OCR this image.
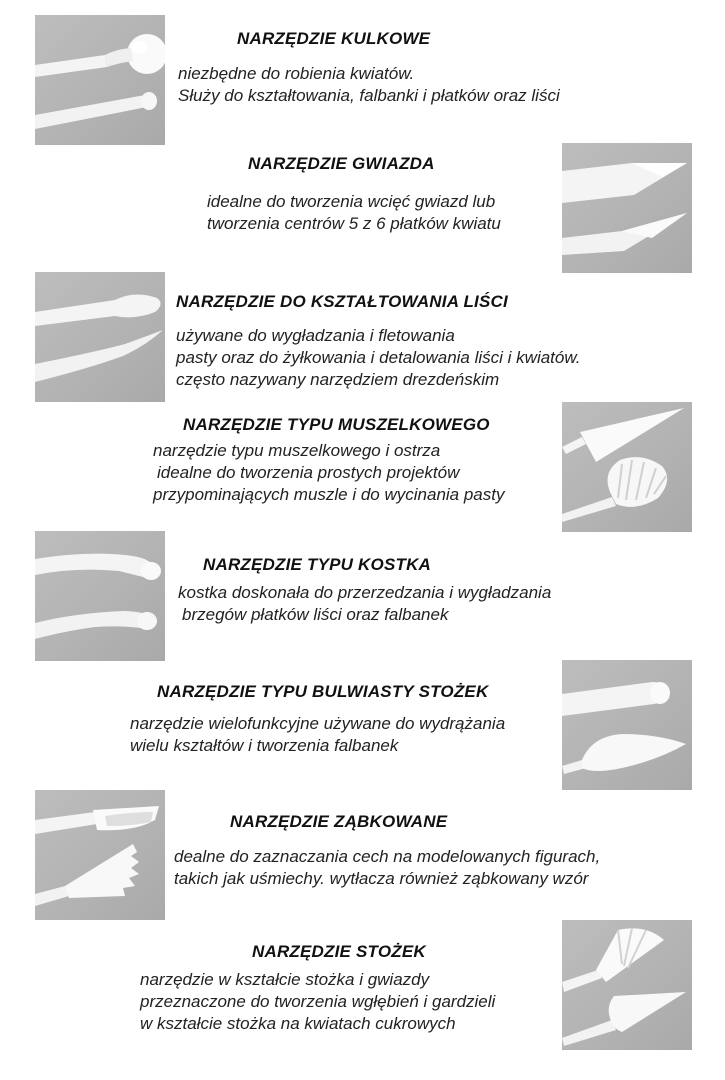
NARZĘDZIE KULKOWE
niezbędne do robienia kwiatów.
Służy do kształtowania, falbanki i płatków oraz liści
NARZĘDZIE GWIAZDA
idealne do tworzenia wcięć gwiazd lub
tworzenia centrów 5 z 6 płatków kwiatu
NARZĘDZIE DO KSZTAŁTOWANIA LIŚCI
używane do wygładzania i fletowania
pasty oraz do żyłkowania i detalowania liści i kwiatów.
często nazywany narzędziem drezdeńskim
NARZĘDZIE TYPU MUSZELKOWEGO
narzędzie typu muszelkowego i ostrza
idealne do tworzenia prostych projektów
przypominających muszle i do wycinania pasty
NARZĘDZIE TYPU KOSTKA
kostka doskonała do przerzedzania i wygładzania
brzegów płatków liści oraz falbanek
NARZĘDZIE TYPU BULWIASTY STOŻEK
narzędzie wielofunkcyjne używane do wydrążania
wielu kształtów i tworzenia falbanek
NARZĘDZIE ZĄBKOWANE
dealne do zaznaczania cech na modelowanych figurach,
takich jak uśmiechy. wytłacza również ząbkowany wzór
NARZĘDZIE STOŻEK
narzędzie w kształcie stożka i gwiazdy
przeznaczone do tworzenia wgłębień i gardzieli
w kształcie stożka na kwiatach cukrowych
